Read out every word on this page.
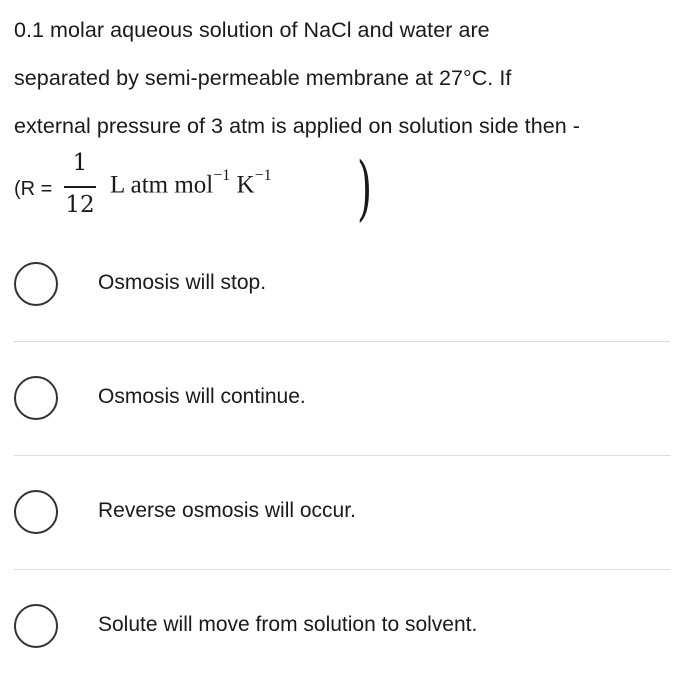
0.1 molar aqueous solution of NaCl and water are
separated by semi-permeable membrane at 27°C. If
external pressure of 3 atm is applied on solution side then -
(R =
1
12
L atm mol$^{-1}$ $K^{-1}$ )
Osmosis will stop.
Osmosis will continue.
Reverse osmosis will occur.
Solute will move from solution to solvent.
